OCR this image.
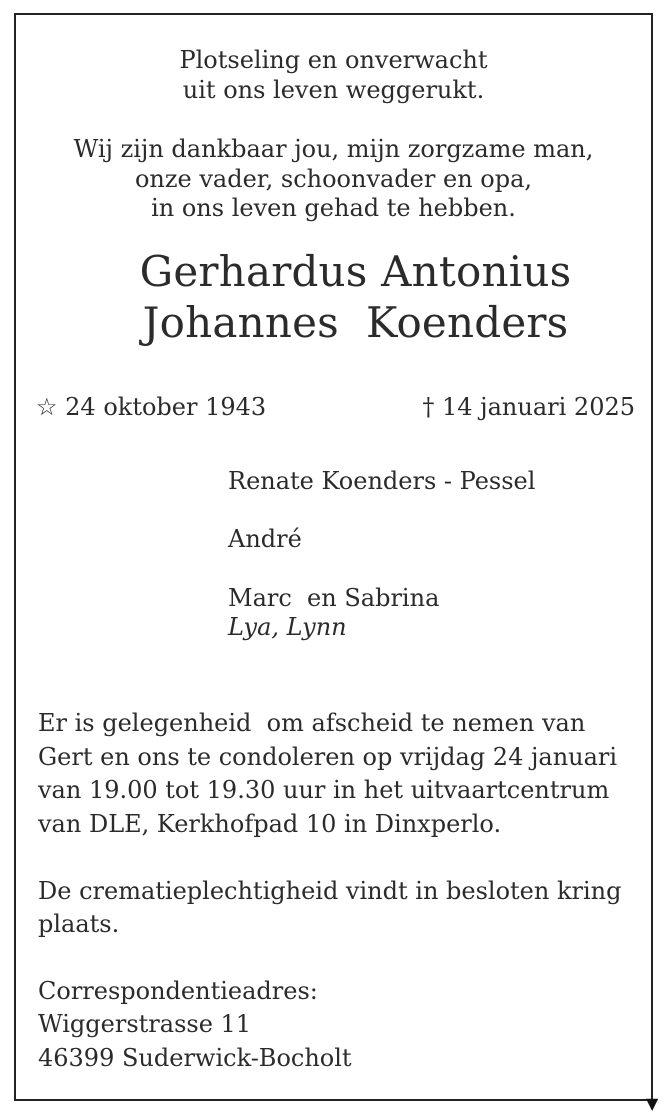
Plotseling en onverwacht
uit ons leven weggerukt.
Wij zijn dankbaar jou, mijn zorgzame man,
onze vader, schoonvader en opa,
in ons leven gehad te hebben.
Gerhardus Antonius
Johannes  Koenders
☆ 24 oktober 1943	† 14 januari 2025
Renate Koenders - Pessel
André
Marc  en Sabrina
Lya, Lynn
Er is gelegenheid  om afscheid te nemen van
Gert en ons te condoleren op vrijdag 24 januari
van 19.00 tot 19.30 uur in het uitvaartcentrum
van DLE, Kerkhofpad 10 in Dinxperlo.
De crematieplechtigheid vindt in besloten kring
plaats.
Correspondentieadres:
Wiggerstrasse 11
46399 Suderwick-Bocholt
▼
